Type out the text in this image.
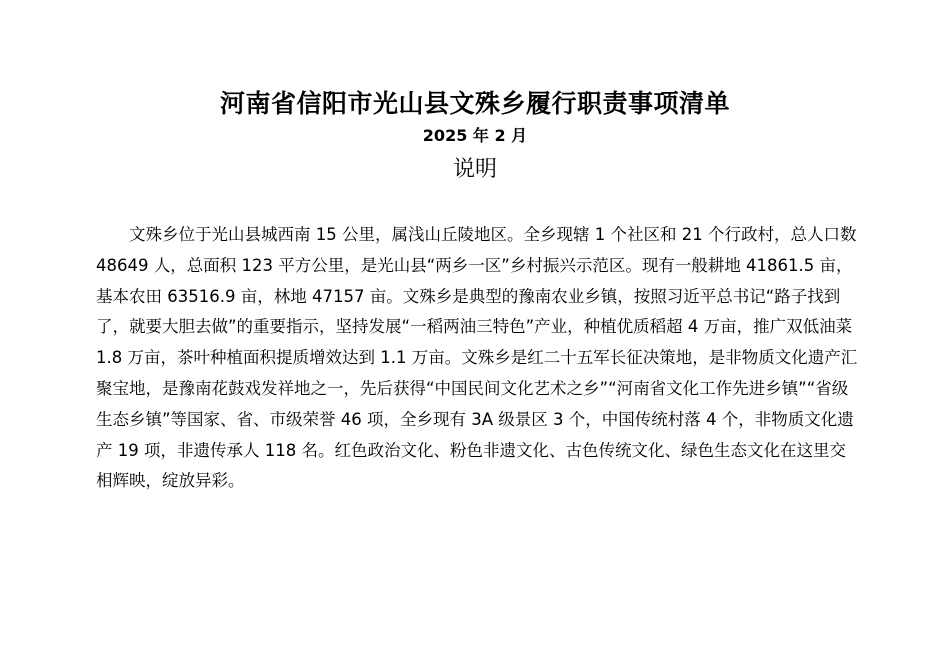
河南省信阳市光山县文殊乡履行职责事项清单
2025 年 2 月
说明

文殊乡位于光山县城西南 15 公里，属浅山丘陵地区。全乡现辖 1 个社区和 21 个行政村，总人口数 48649 人，总面积 123 平方公里，是光山县“两乡一区”乡村振兴示范区。现有一般耕地 41861.5 亩，基本农田 63516.9 亩，林地 47157 亩。文殊乡是典型的豫南农业乡镇，按照习近平总书记“路子找到了，就要大胆去做”的重要指示，坚持发展“一稻两油三特色”产业，种植优质稻超 4 万亩，推广双低油菜 1.8 万亩，茶叶种植面积提质增效达到 1.1 万亩。文殊乡是红二十五军长征决策地，是非物质文化遗产汇聚宝地，是豫南花鼓戏发祥地之一，先后获得“中国民间文化艺术之乡”“河南省文化工作先进乡镇”“省级生态乡镇”等国家、省、市级荣誉 46 项，全乡现有 3A 级景区 3 个，中国传统村落 4 个，非物质文化遗产 19 项，非遗传承人 118 名。红色政治文化、粉色非遗文化、古色传统文化、绿色生态文化在这里交相辉映，绽放异彩。
